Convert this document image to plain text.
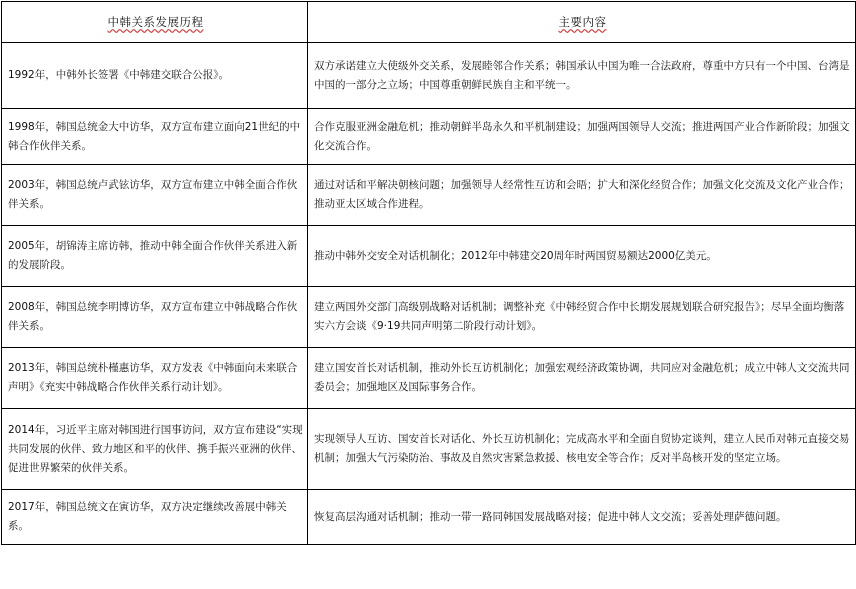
中韩关系发展历程	主要内容
1992年，中韩外长签署《中韩建交联合公报》。	双方承诺建立大使级外交关系，发展睦邻合作关系；韩国承认中国为唯一合法政府，尊重中方只有一个中国、台湾是中国的一部分之立场；中国尊重朝鲜民族自主和平统一。
1998年，韩国总统金大中访华，双方宣布建立面向21世纪的中韩合作伙伴关系。	合作克服亚洲金融危机；推动朝鲜半岛永久和平机制建设；加强两国领导人交流；推进两国产业合作新阶段；加强文化交流合作。
2003年，韩国总统卢武铉访华，双方宣布建立中韩全面合作伙伴关系。	通过对话和平解决朝核问题；加强领导人经常性互访和会晤；扩大和深化经贸合作；加强文化交流及文化产业合作；推动亚太区域合作进程。
2005年，胡锦涛主席访韩，推动中韩全面合作伙伴关系进入新的发展阶段。	推动中韩外交安全对话机制化；2012年中韩建交20周年时两国贸易额达2000亿美元。
2008年，韩国总统李明博访华，双方宣布建立中韩战略合作伙伴关系。	建立两国外交部门高级别战略对话机制；调整补充《中韩经贸合作中长期发展规划联合研究报告》；尽早全面均衡落实六方会谈《9·19共同声明第二阶段行动计划》。
2013年，韩国总统朴槿惠访华，双方发表《中韩面向未来联合声明》《充实中韩战略合作伙伴关系行动计划》。	建立国安首长对话机制，推动外长互访机制化；加强宏观经济政策协调，共同应对金融危机；成立中韩人文交流共同委员会；加强地区及国际事务合作。
2014年，习近平主席对韩国进行国事访问，双方宣布建设“实现共同发展的伙伴、致力地区和平的伙伴、携手振兴亚洲的伙伴、促进世界繁荣的伙伴关系。	实现领导人互访、国安首长对话化、外长互访机制化；完成高水平和全面自贸协定谈判，建立人民币对韩元直接交易机制；加强大气污染防治、事故及自然灾害紧急救援、核电安全等合作；反对半岛核开发的坚定立场。
2017年，韩国总统文在寅访华，双方决定继续改善展中韩关系。	恢复高层沟通对话机制；推动一带一路同韩国发展战略对接；促进中韩人文交流；妥善处理萨德问题。
